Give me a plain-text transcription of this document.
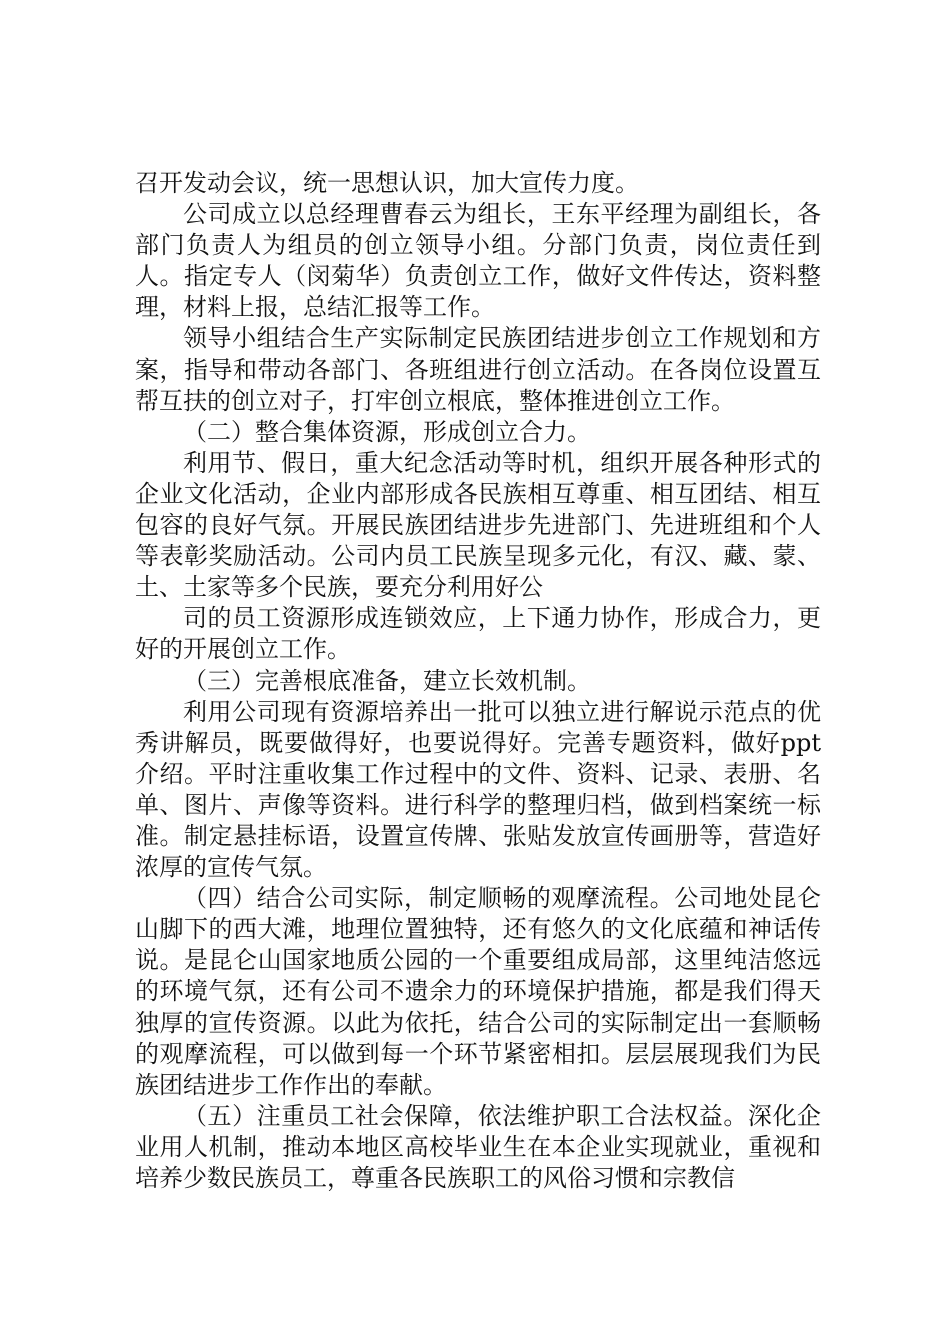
召开发动会议，统一思想认识，加大宣传力度。

公司成立以总经理曹春云为组长，王东平经理为副组长，各部门负责人为组员的创立领导小组。分部门负责，岗位责任到人。指定专人（闵菊华）负责创立工作，做好文件传达，资料整理，材料上报，总结汇报等工作。

领导小组结合生产实际制定民族团结进步创立工作规划和方案，指导和带动各部门、各班组进行创立活动。在各岗位设置互帮互扶的创立对子，打牢创立根底，整体推进创立工作。

（二）整合集体资源，形成创立合力。

利用节、假日，重大纪念活动等时机，组织开展各种形式的企业文化活动，企业内部形成各民族相互尊重、相互团结、相互包容的良好气氛。开展民族团结进步先进部门、先进班组和个人等表彰奖励活动。公司内员工民族呈现多元化，有汉、藏、蒙、土、土家等多个民族，要充分利用好公

司的员工资源形成连锁效应，上下通力协作，形成合力，更好的开展创立工作。

（三）完善根底准备，建立长效机制。

利用公司现有资源培养出一批可以独立进行解说示范点的优秀讲解员，既要做得好，也要说得好。完善专题资料，做好ppt介绍。平时注重收集工作过程中的文件、资料、记录、表册、名单、图片、声像等资料。进行科学的整理归档，做到档案统一标准。制定悬挂标语，设置宣传牌、张贴发放宣传画册等，营造好浓厚的宣传气氛。

（四）结合公司实际，制定顺畅的观摩流程。公司地处昆仑山脚下的西大滩，地理位置独特，还有悠久的文化底蕴和神话传说。是昆仑山国家地质公园的一个重要组成局部，这里纯洁悠远的环境气氛，还有公司不遗余力的环境保护措施，都是我们得天独厚的宣传资源。以此为依托，结合公司的实际制定出一套顺畅的观摩流程，可以做到每一个环节紧密相扣。层层展现我们为民族团结进步工作作出的奉献。

（五）注重员工社会保障，依法维护职工合法权益。深化企业用人机制，推动本地区高校毕业生在本企业实现就业，重视和培养少数民族员工，尊重各民族职工的风俗习惯和宗教信
